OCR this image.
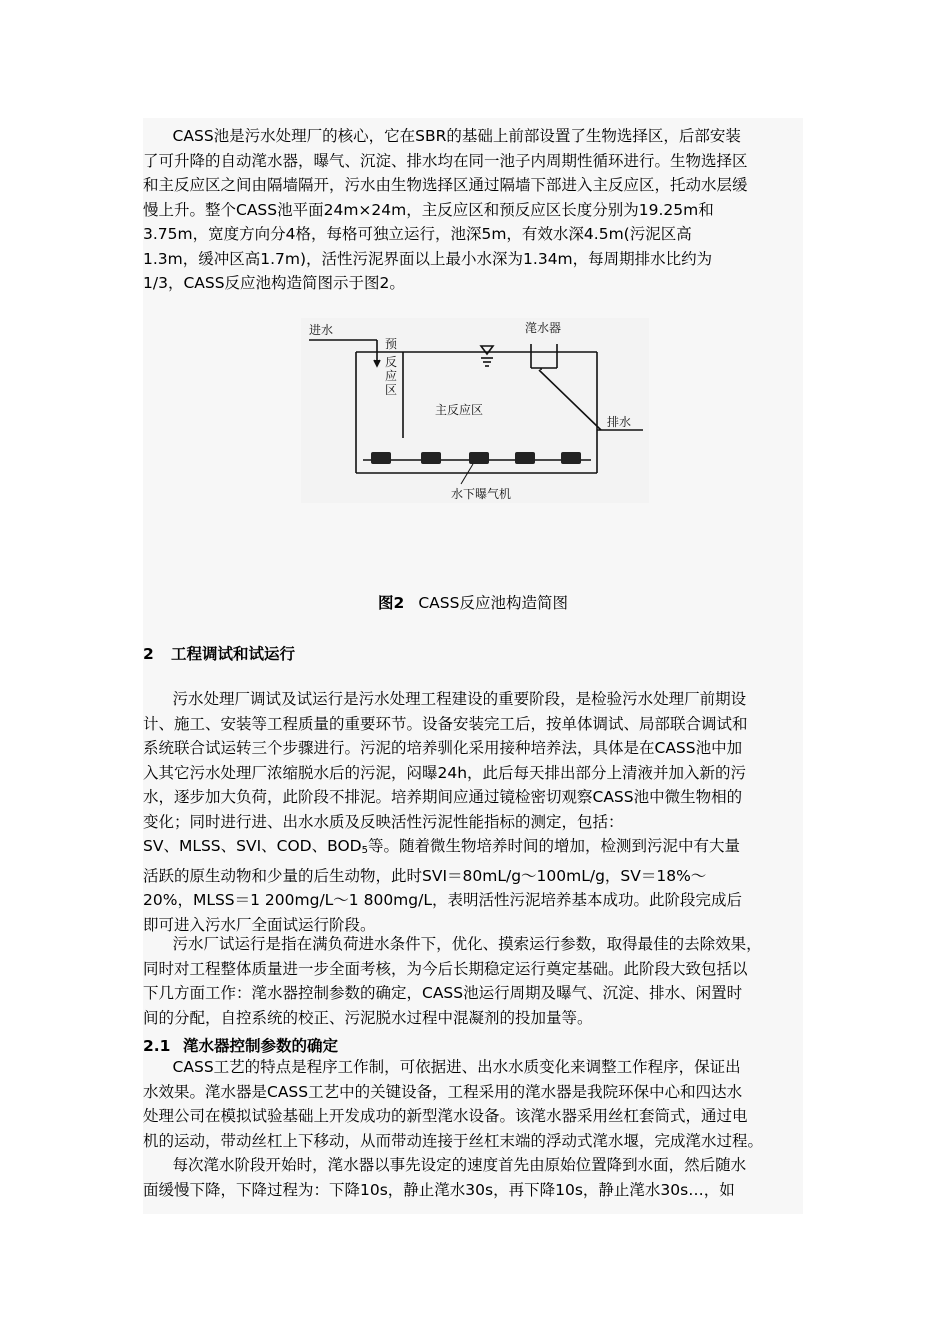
CASS池是污水处理厂的核心，它在SBR的基础上前部设置了生物选择区，后部安装
了可升降的自动滗水器，曝气、沉淀、排水均在同一池子内周期性循环进行。生物选择区
和主反应区之间由隔墙隔开，污水由生物选择区通过隔墙下部进入主反应区，托动水层缓
慢上升。整个CASS池平面24m×24m，主反应区和预反应区长度分别为19.25m和
3.75m，宽度方向分4格，每格可独立运行，池深5m，有效水深4.5m(污泥区高
1.3m，缓冲区高1.7m)，活性污泥界面以上最小水深为1.34m，每周期排水比约为
1/3，CASS反应池构造简图示于图2。
进水
预
反
应
区
滗水器
主反应区
排水
水下曝气机
图2 CASS反应池构造简图
2 工程调试和试运行
污水处理厂调试及试运行是污水处理工程建设的重要阶段，是检验污水处理厂前期设
计、施工、安装等工程质量的重要环节。设备安装完工后，按单体调试、局部联合调试和
系统联合试运转三个步骤进行。污泥的培养驯化采用接种培养法，具体是在CASS池中加
入其它污水处理厂浓缩脱水后的污泥，闷曝24h，此后每天排出部分上清液并加入新的污
水，逐步加大负荷，此阶段不排泥。培养期间应通过镜检密切观察CASS池中微生物相的
变化；同时进行进、出水水质及反映活性污泥性能指标的测定，包括：
SV、MLSS、SVI、COD、$BOD_5$等。随着微生物培养时间的增加，检测到污泥中有大量
活跃的原生动物和少量的后生动物，此时SVI＝80mL/g～100mL/g，SV＝18%～
20%，MLSS＝1 200mg/L～1 800mg/L，表明活性污泥培养基本成功。此阶段完成后
即可进入污水厂全面试运行阶段。
污水厂试运行是指在满负荷进水条件下，优化、摸索运行参数，取得最佳的去除效果，
同时对工程整体质量进一步全面考核，为今后长期稳定运行奠定基础。此阶段大致包括以
下几方面工作：滗水器控制参数的确定，CASS池运行周期及曝气、沉淀、排水、闲置时
间的分配，自控系统的校正、污泥脱水过程中混凝剂的投加量等。
2.1 滗水器控制参数的确定
CASS工艺的特点是程序工作制，可依据进、出水水质变化来调整工作程序，保证出
水效果。滗水器是CASS工艺中的关键设备，工程采用的滗水器是我院环保中心和四达水
处理公司在模拟试验基础上开发成功的新型滗水设备。该滗水器采用丝杠套筒式，通过电
机的运动，带动丝杠上下移动，从而带动连接于丝杠末端的浮动式滗水堰，完成滗水过程。
每次滗水阶段开始时，滗水器以事先设定的速度首先由原始位置降到水面，然后随水
面缓慢下降，下降过程为：下降10s，静止滗水30s，再下降10s，静止滗水30s…，如
